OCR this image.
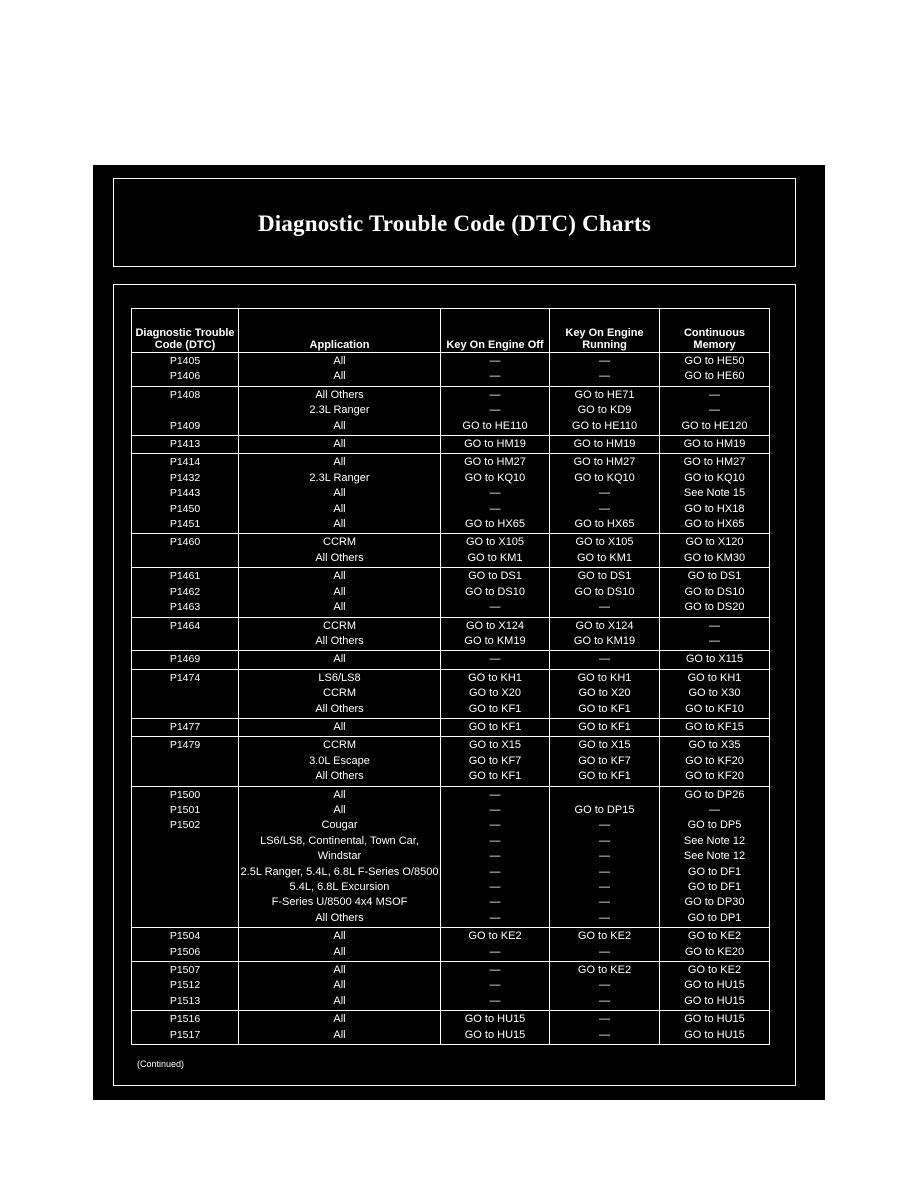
Diagnostic Trouble Code (DTC) Charts
Diagnostic Trouble Code (DTC)	Application	Key On Engine Off	Key On Engine Running	Continuous Memory
P1405	All	—	—	GO to HE50
P1406	All	—	—	GO to HE60
P1408	All Others	—	GO to HE71	—
	2.3L Ranger	—	GO to KD9	—
P1409	All	GO to HE110	GO to HE110	GO to HE120
P1413	All	GO to HM19	GO to HM19	GO to HM19
P1414	All	GO to HM27	GO to HM27	GO to HM27
P1432	2.3L Ranger	GO to KQ10	GO to KQ10	GO to KQ10
P1443	All	—	—	See Note 15
P1450	All	—	—	GO to HX18
P1451	All	GO to HX65	GO to HX65	GO to HX65
P1460	CCRM	GO to X105	GO to X105	GO to X120
	All Others	GO to KM1	GO to KM1	GO to KM30
P1461	All	GO to DS1	GO to DS1	GO to DS1
P1462	All	GO to DS10	GO to DS10	GO to DS10
P1463	All	—	—	GO to DS20
P1464	CCRM	GO to X124	GO to X124	—
	All Others	GO to KM19	GO to KM19	—
P1469	All	—	—	GO to X115
P1474	LS6/LS8	GO to KH1	GO to KH1	GO to KH1
	CCRM	GO to X20	GO to X20	GO to X30
	All Others	GO to KF1	GO to KF1	GO to KF10
P1477	All	GO to KF1	GO to KF1	GO to KF15
P1479	CCRM	GO to X15	GO to X15	GO to X35
	3.0L Escape	GO to KF7	GO to KF7	GO to KF20
	All Others	GO to KF1	GO to KF1	GO to KF20
P1500	All	—		GO to DP26
P1501	All	—	GO to DP15	—
P1502	Cougar	—	—	GO to DP5
	LS6/LS8, Continental, Town Car,	—	—	See Note 12
	Windstar	—	—	See Note 12
	2.5L Ranger, 5.4L, 6.8L F-Series O/8500	—	—	GO to DF1
	5.4L, 6.8L Excursion	—	—	GO to DF1
	F-Series U/8500 4x4 MSOF	—	—	GO to DP30
	All Others	—	—	GO to DP1
P1504	All	GO to KE2	GO to KE2	GO to KE2
P1506	All	—	—	GO to KE20
P1507	All	—	GO to KE2	GO to KE2
P1512	All	—	—	GO to HU15
P1513	All	—	—	GO to HU15
P1516	All	GO to HU15	—	GO to HU15
P1517	All	GO to HU15	—	GO to HU15
(Continued)
